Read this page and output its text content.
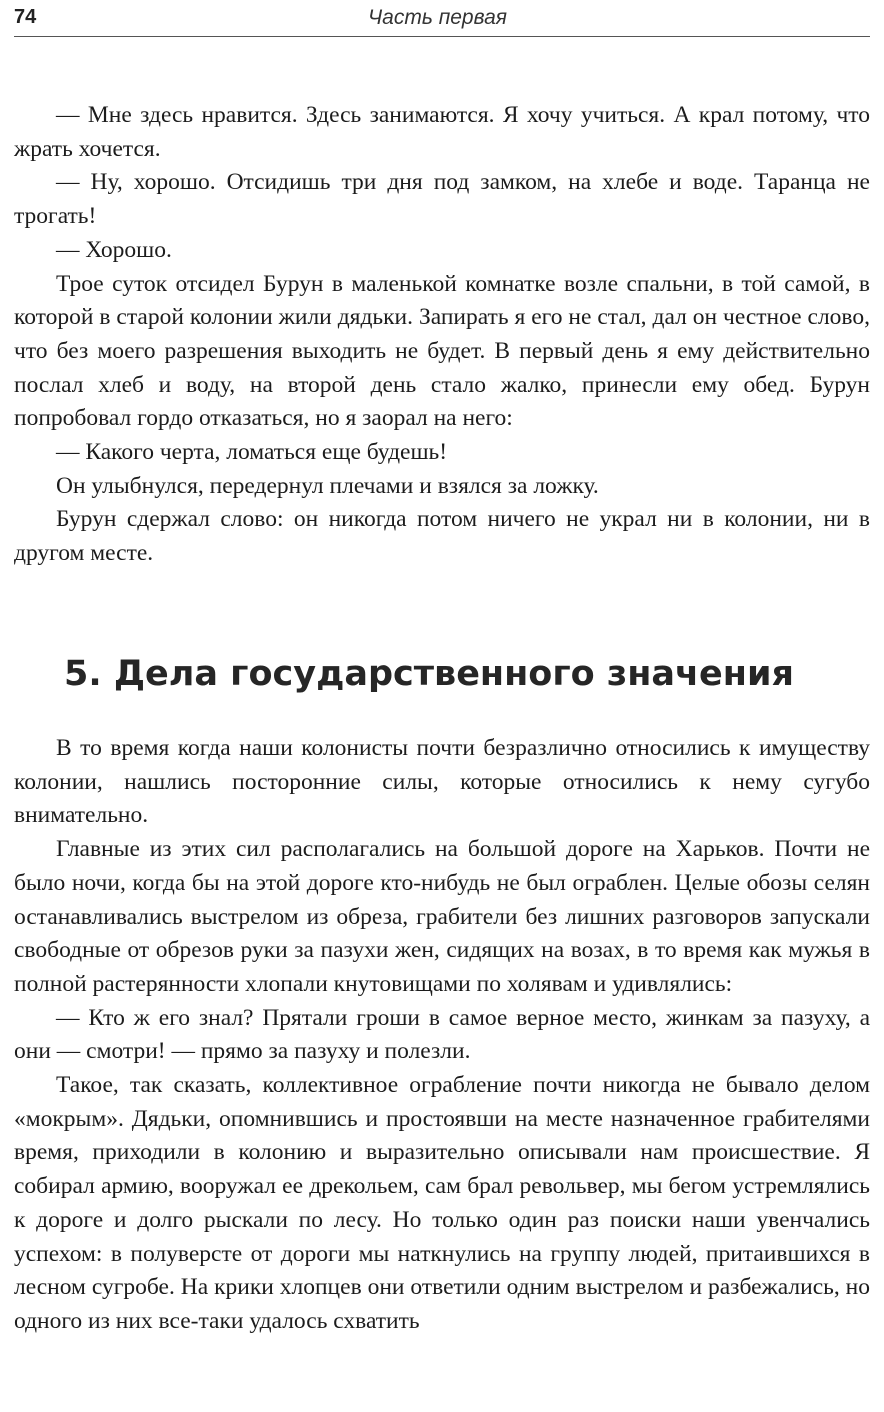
74	Часть первая

— Мне здесь нравится. Здесь занимаются. Я хочу учиться. А крал потому, что жрать хочется.

— Ну, хорошо. Отсидишь три дня под замком, на хлебе и воде. Таранца не трогать!

— Хорошо.

Трое суток отсидел Бурун в маленькой комнатке возле спальни, в той самой, в которой в старой колонии жили дядьки. Запирать я его не стал, дал он честное слово, что без моего разрешения выходить не будет. В первый день я ему действительно послал хлеб и воду, на второй день стало жалко, принесли ему обед. Бурун попробовал гордо отказаться, но я заорал на него:

— Какого черта, ломаться еще будешь!

Он улыбнулся, передернул плечами и взялся за ложку.

Бурун сдержал слово: он никогда потом ничего не украл ни в колонии, ни в другом месте.

5. Дела государственного значения

В то время когда наши колонисты почти безразлично относились к имуществу колонии, нашлись посторонние силы, которые относились к нему сугубо внимательно.

Главные из этих сил располагались на большой дороге на Харьков. Почти не было ночи, когда бы на этой дороге кто-нибудь не был ограблен. Целые обозы селян останавливались выстрелом из обреза, грабители без лишних разговоров запускали свободные от обрезов руки за пазухи жен, сидящих на возах, в то время как мужья в полной растерянности хлопали кнутовищами по холявам и удивлялись:

— Кто ж его знал? Прятали гроши в самое верное место, жинкам за пазуху, а они — смотри! — прямо за пазуху и полезли.

Такое, так сказать, коллективное ограбление почти никогда не бывало делом «мокрым». Дядьки, опомнившись и простоявши на месте назначенное грабителями время, приходили в колонию и выразительно описывали нам происшествие. Я собирал армию, вооружал ее дрекольем, сам брал револьвер, мы бегом устремлялись к дороге и долго рыскали по лесу. Но только один раз поиски наши увенчались успехом: в полуверсте от дороги мы наткнулись на группу людей, притаившихся в лесном сугробе. На крики хлопцев они ответили одним выстрелом и разбежались, но одного из них все-таки удалось схватить
